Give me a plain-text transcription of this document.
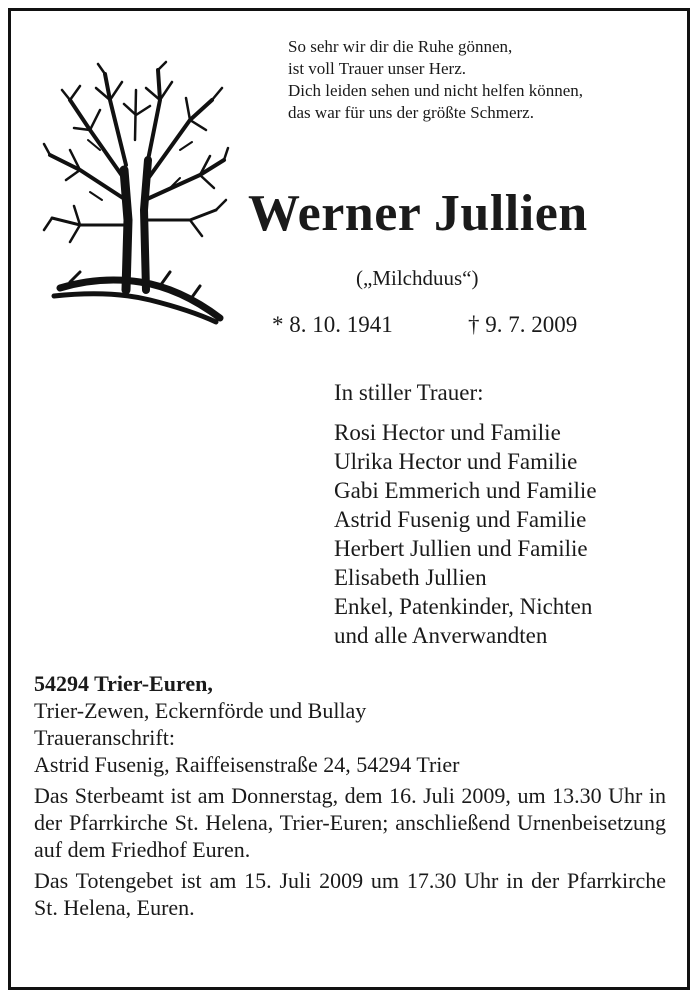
So sehr wir dir die Ruhe gönnen,
ist voll Trauer unser Herz.
Dich leiden sehen und nicht helfen können,
das war für uns der größte Schmerz.
Werner Jullien
(„Milchduus“)
* 8. 10. 1941	† 9. 7. 2009
In stiller Trauer:
Rosi Hector und Familie
Ulrika Hector und Familie
Gabi Emmerich und Familie
Astrid Fusenig und Familie
Herbert Jullien und Familie
Elisabeth Jullien
Enkel, Patenkinder, Nichten
und alle Anverwandten
54294 Trier-Euren,
Trier-Zewen, Eckernförde und Bullay
Traueranschrift:
Astrid Fusenig, Raiffeisenstraße 24, 54294 Trier
Das Sterbeamt ist am Donnerstag, dem 16. Juli 2009, um 13.30 Uhr in der Pfarrkirche St. Helena, Trier-Euren; anschließend Urnenbeisetzung auf dem Friedhof Euren.
Das Totengebet ist am 15. Juli 2009 um 17.30 Uhr in der Pfarrkirche St. Helena, Euren.
